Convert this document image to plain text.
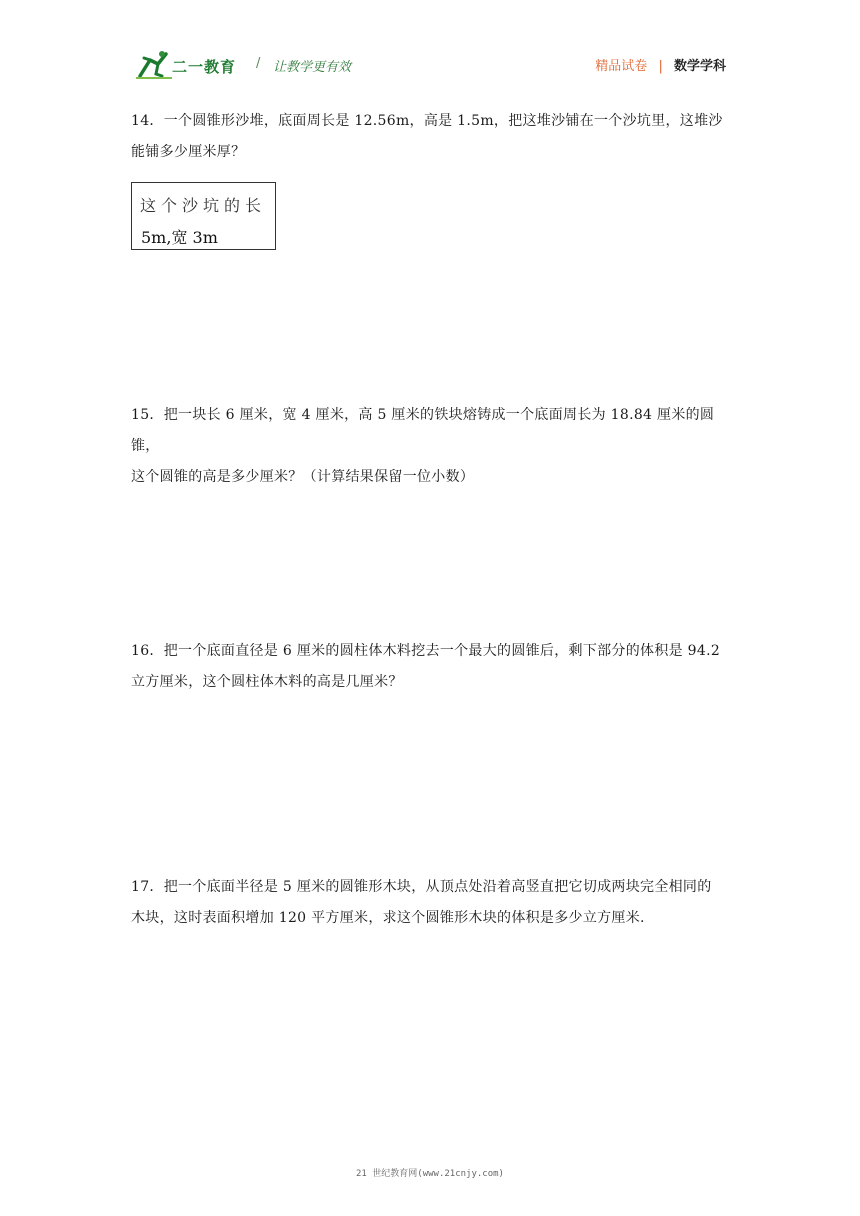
二一教育 / 让教学更有效	精品试卷 | 数学学科

14．一个圆锥形沙堆，底面周长是 12.56m，高是 1.5m，把这堆沙铺在一个沙坑里，这堆沙

能铺多少厘米厚？

这个沙坑的长
5m,宽 3m

15．把一块长 6 厘米，宽 4 厘米，高 5 厘米的铁块熔铸成一个底面周长为 18.84 厘米的圆锥，

这个圆锥的高是多少厘米？（计算结果保留一位小数）

16．把一个底面直径是 6 厘米的圆柱体木料挖去一个最大的圆锥后，剩下部分的体积是 94.2

立方厘米，这个圆柱体木料的高是几厘米？

17．把一个底面半径是 5 厘米的圆锥形木块，从顶点处沿着高竖直把它切成两块完全相同的

木块，这时表面积增加 120 平方厘米，求这个圆锥形木块的体积是多少立方厘米.

21 世纪教育网(www.21cnjy.com)
